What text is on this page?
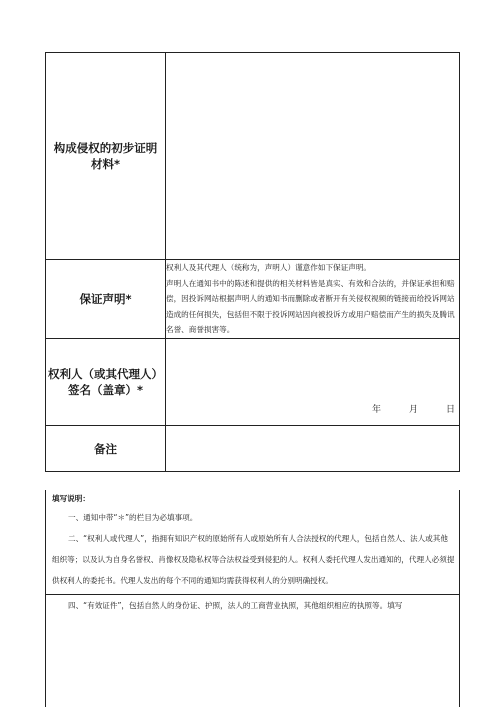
构成侵权的初步证明
材料*	
保证声明*	权利人及其代理人（统称为，声明人）谨意作如下保证声明。

声明人在通知书中的陈述和提供的相关材料皆是真实、有效和合法的，并保证承担和赔偿，因投诉网站根据声明人的通知书而删除或者断开有关侵权视频的链接而给投诉网站造成的任何损失，包括但不限于投诉网站因向被投诉方或用户赔偿而产生的损失及腾讯名誉、商誉损害等。

权利人（或其代理人）
签名（盖章）*	年 月 日

备注	

填写说明：

一、通知中带“＊”的栏目为必填事项。

二、“权利人或代理人”，指拥有知识产权的原始所有人或原始所有人合法授权的代理人，包括自然人、法人或其他组织等；以及认为自身名誉权、肖像权及隐私权等合法权益受到侵犯的人。权利人委托代理人发出通知的，代理人必须提供权利人的委托书。代理人发出的每个不同的通知均需获得权利人的分别明确授权。

四、“有效证件”，包括自然人的身份证、护照，法人的工商营业执照，其他组织相应的执照等。填写
